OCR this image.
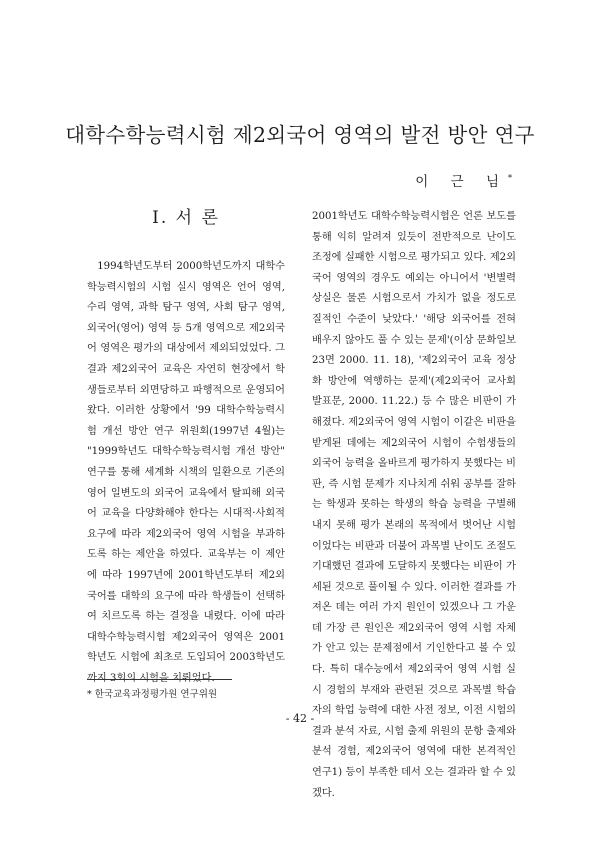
대학수학능력시험 제2외국어 영역의 발전 방안 연구

이 근 님*

I. 서 론

1994학년도부터 2000학년도까지 대학수학능력시험의 시험 실시 영역은 언어 영역, 수리 영역, 과학 탐구 영역, 사회 탐구 영역, 외국어(영어) 영역 등 5개 영역으로 제2외국어 영역은 평가의 대상에서 제외되었었다. 그 결과 제2외국어 교육은 자연히 현장에서 학생들로부터 외면당하고 파행적으로 운영되어 왔다. 이러한 상황에서 '99 대학수학능력시험 개선 방안 연구 위원회(1997년 4월)는 "1999학년도 대학수학능력시험 개선 방안" 연구를 통해 세계화 시책의 일환으로 기존의 영어 일변도의 외국어 교육에서 탈피해 외국어 교육을 다양화해야 한다는 시대적·사회적 요구에 따라 제2외국어 영역 시험을 부과하도록 하는 제안을 하였다. 교육부는 이 제안에 따라 1997년에 2001학년도부터 제2외국어를 대학의 요구에 따라 학생들이 선택하여 치르도록 하는 결정을 내렸다. 이에 따라 대학수학능력시험 제2외국어 영역은 2001학년도 시험에 최초로 도입되어 2003학년도까지 3회의 시험을 치뤄었다.

2001학년도 대학수학능력시험은 언론 보도를 통해 익히 알려져 있듯이 전반적으로 난이도 조정에 실패한 시험으로 평가되고 있다. 제2외국어 영역의 경우도 예외는 아니어서 '변별력 상실은 물론 시험으로서 가치가 없을 정도로 질적인 수준이 낮았다.' '해당 외국어를 전혀 배우지 않아도 풀 수 있는 문제'(이상 문화일보 23면 2000. 11. 18), '제2외국어 교육 정상화 방안에 역행하는 문제'(제2외국어 교사회 발표문, 2000. 11.22.) 등 수 많은 비판이 가해졌다. 제2외국어 영역 시험이 이같은 비판을 받게된 데에는 제2외국어 시험이 수험생들의 외국어 능력을 올바르게 평가하지 못했다는 비판, 즉 시험 문제가 지나치게 쉬워 공부를 잘하는 학생과 못하는 학생의 학습 능력을 구별해내지 못해 평가 본래의 목적에서 벗어난 시험이었다는 비판과 더불어 과목별 난이도 조절도 기대했던 결과에 도달하지 못했다는 비판이 가세된 것으로 풀이될 수 있다. 이러한 결과를 가져온 데는 여러 가지 원인이 있겠으나 그 가운데 가장 큰 원인은 제2외국어 영역 시험 자체가 안고 있는 문제점에서 기인한다고 볼 수 있다. 특히 대수능에서 제2외국어 영역 시험 실시 경험의 부재와 관련된 것으로 과목별 학습자의 학업 능력에 대한 사전 정보, 이전 시험의 결과 분석 자료, 시험 출제 위원의 문항 출제와 분석 경험, 제2외국어 영역에 대한 본격적인 연구1) 등이 부족한 데서 오는 결과라 할 수 있겠다.

* 한국교육과정평가원 연구위원

- 42 -
